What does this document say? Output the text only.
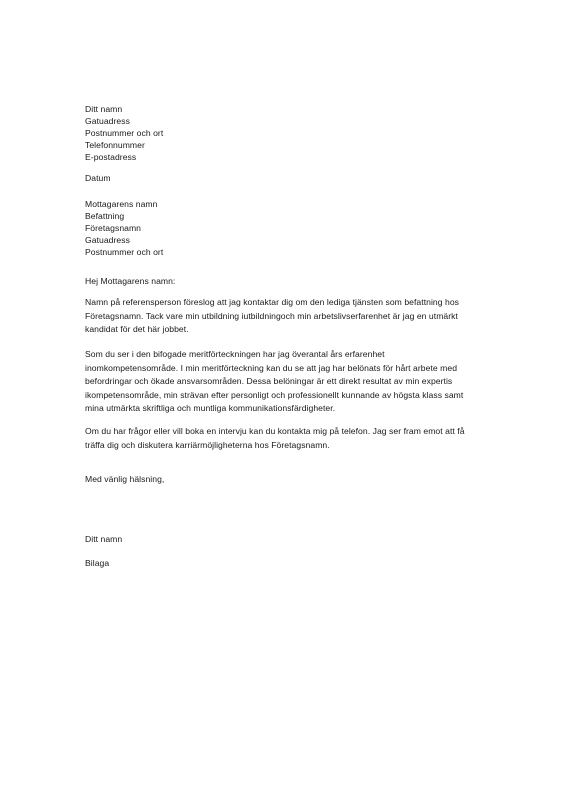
Ditt namn
Gatuadress
Postnummer och ort
Telefonnummer
E-postadress
Datum
Mottagarens namn
Befattning
Företagsnamn
Gatuadress
Postnummer och ort
Hej Mottagarens namn:
Namn på referensperson föreslog att jag kontaktar dig om den lediga tjänsten som befattning hos
Företagsnamn. Tack vare min utbildning iutbildningoch min arbetslivserfarenhet är jag en utmärkt
kandidat för det här jobbet.
Som du ser i den bifogade meritförteckningen har jag överantal års erfarenhet
inomkompetensområde. I min meritförteckning kan du se att jag har belönats för hårt arbete med
befordringar och ökade ansvarsområden. Dessa belöningar är ett direkt resultat av min expertis
ikompetensområde, min strävan efter personligt och professionellt kunnande av högsta klass samt
mina utmärkta skriftliga och muntliga kommunikationsfärdigheter.
Om du har frågor eller vill boka en intervju kan du kontakta mig på telefon. Jag ser fram emot att få
träffa dig och diskutera karriärmöjligheterna hos Företagsnamn.
Med vänlig hälsning,
Ditt namn
Bilaga
